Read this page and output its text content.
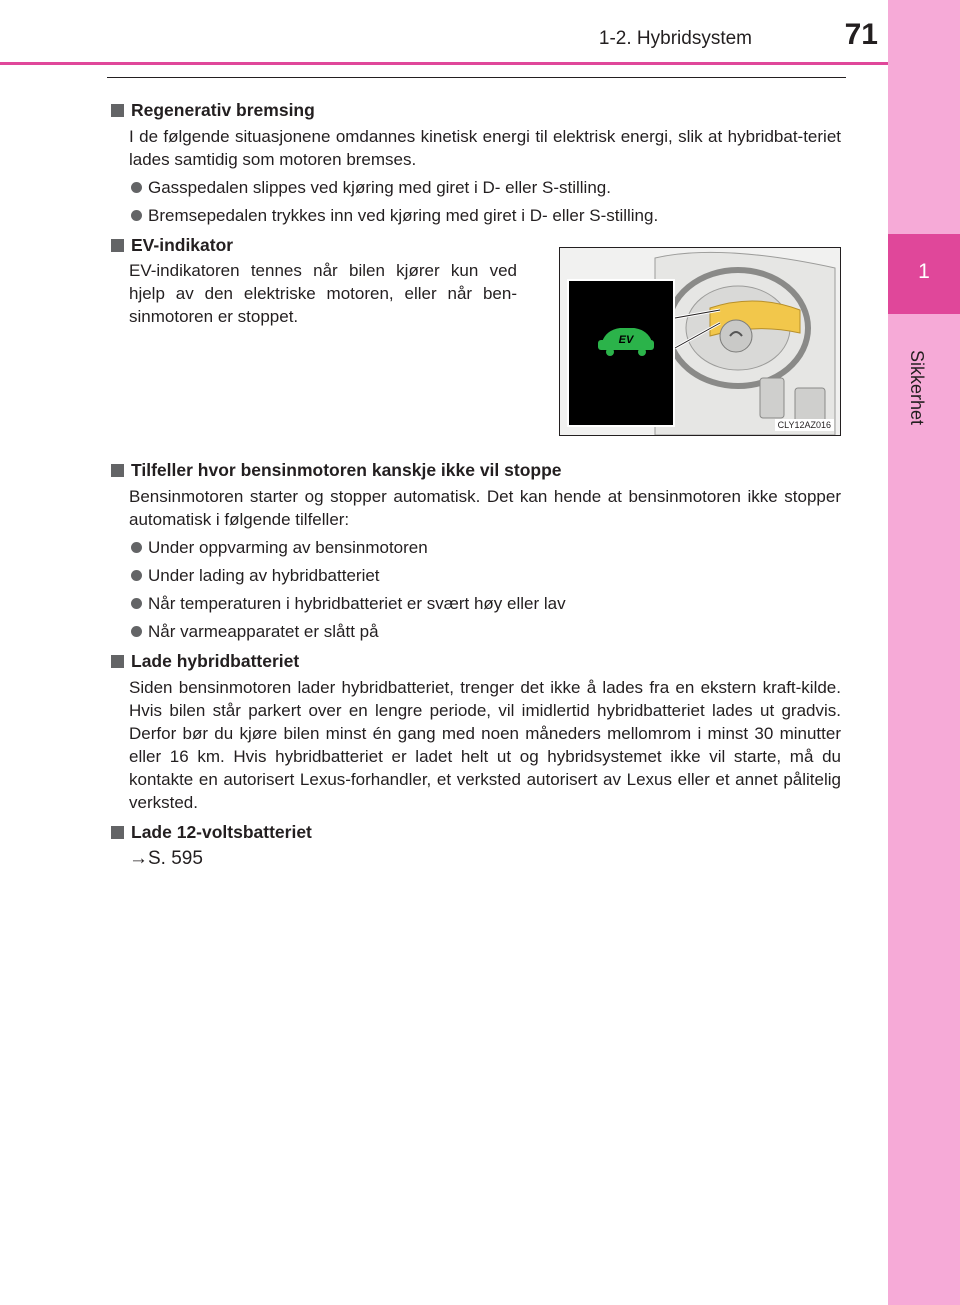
1-2. Hybridsystem	71
1
Sikkerhet
Regenerativ bremsing
I de følgende situasjonene omdannes kinetisk energi til elektrisk energi, slik at hybridbat-teriet lades samtidig som motoren bremses.
Gasspedalen slippes ved kjøring med giret i D- eller S-stilling.
Bremsepedalen trykkes inn ved kjøring med giret i D- eller S-stilling.
EV-indikator
EV-indikatoren tennes når bilen kjører kun ved hjelp av den elektriske motoren, eller når ben-sinmotoren er stoppet.
EV
CLY12AZ016
Tilfeller hvor bensinmotoren kanskje ikke vil stoppe
Bensinmotoren starter og stopper automatisk. Det kan hende at bensinmotoren ikke stopper automatisk i følgende tilfeller:
Under oppvarming av bensinmotoren
Under lading av hybridbatteriet
Når temperaturen i hybridbatteriet er svært høy eller lav
Når varmeapparatet er slått på
Lade hybridbatteriet
Siden bensinmotoren lader hybridbatteriet, trenger det ikke å lades fra en ekstern kraft-kilde. Hvis bilen står parkert over en lengre periode, vil imidlertid hybridbatteriet lades ut gradvis. Derfor bør du kjøre bilen minst én gang med noen måneders mellomrom i minst 30 minutter eller 16 km. Hvis hybridbatteriet er ladet helt ut og hybridsystemet ikke vil starte, må du kontakte en autorisert Lexus-forhandler, et verksted autorisert av Lexus eller et annet pålitelig verksted.
Lade 12-voltsbatteriet
→S. 595
